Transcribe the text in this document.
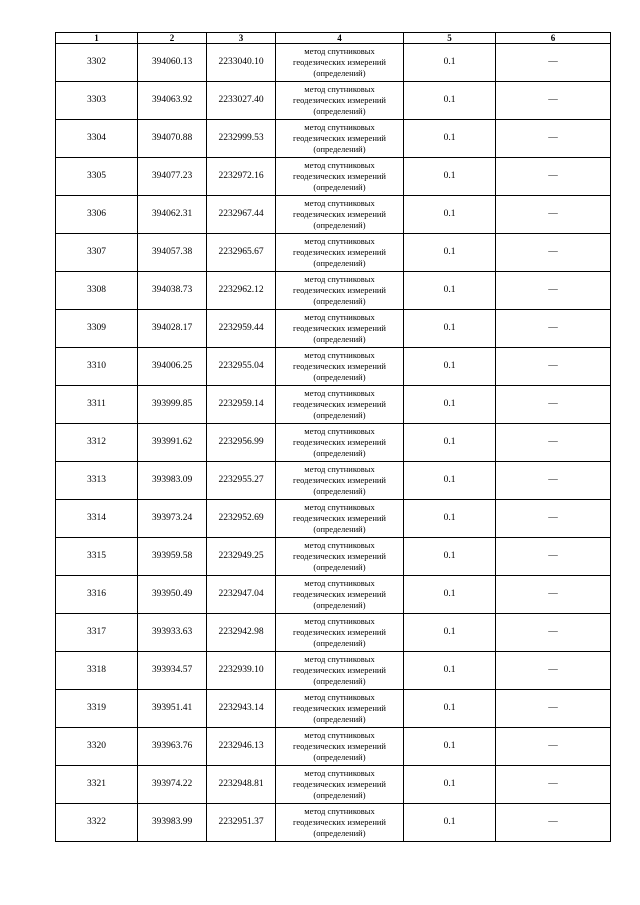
1	2	3	4	5	6
3302	394060.13	2233040.10	метод спутниковых
геодезических измерений
(определений)	0.1	—
3303	394063.92	2233027.40	метод спутниковых
геодезических измерений
(определений)	0.1	—
3304	394070.88	2232999.53	метод спутниковых
геодезических измерений
(определений)	0.1	—
3305	394077.23	2232972.16	метод спутниковых
геодезических измерений
(определений)	0.1	—
3306	394062.31	2232967.44	метод спутниковых
геодезических измерений
(определений)	0.1	—
3307	394057.38	2232965.67	метод спутниковых
геодезических измерений
(определений)	0.1	—
3308	394038.73	2232962.12	метод спутниковых
геодезических измерений
(определений)	0.1	—
3309	394028.17	2232959.44	метод спутниковых
геодезических измерений
(определений)	0.1	—
3310	394006.25	2232955.04	метод спутниковых
геодезических измерений
(определений)	0.1	—
3311	393999.85	2232959.14	метод спутниковых
геодезических измерений
(определений)	0.1	—
3312	393991.62	2232956.99	метод спутниковых
геодезических измерений
(определений)	0.1	—
3313	393983.09	2232955.27	метод спутниковых
геодезических измерений
(определений)	0.1	—
3314	393973.24	2232952.69	метод спутниковых
геодезических измерений
(определений)	0.1	—
3315	393959.58	2232949.25	метод спутниковых
геодезических измерений
(определений)	0.1	—
3316	393950.49	2232947.04	метод спутниковых
геодезических измерений
(определений)	0.1	—
3317	393933.63	2232942.98	метод спутниковых
геодезических измерений
(определений)	0.1	—
3318	393934.57	2232939.10	метод спутниковых
геодезических измерений
(определений)	0.1	—
3319	393951.41	2232943.14	метод спутниковых
геодезических измерений
(определений)	0.1	—
3320	393963.76	2232946.13	метод спутниковых
геодезических измерений
(определений)	0.1	—
3321	393974.22	2232948.81	метод спутниковых
геодезических измерений
(определений)	0.1	—
3322	393983.99	2232951.37	метод спутниковых
геодезических измерений
(определений)	0.1	—
